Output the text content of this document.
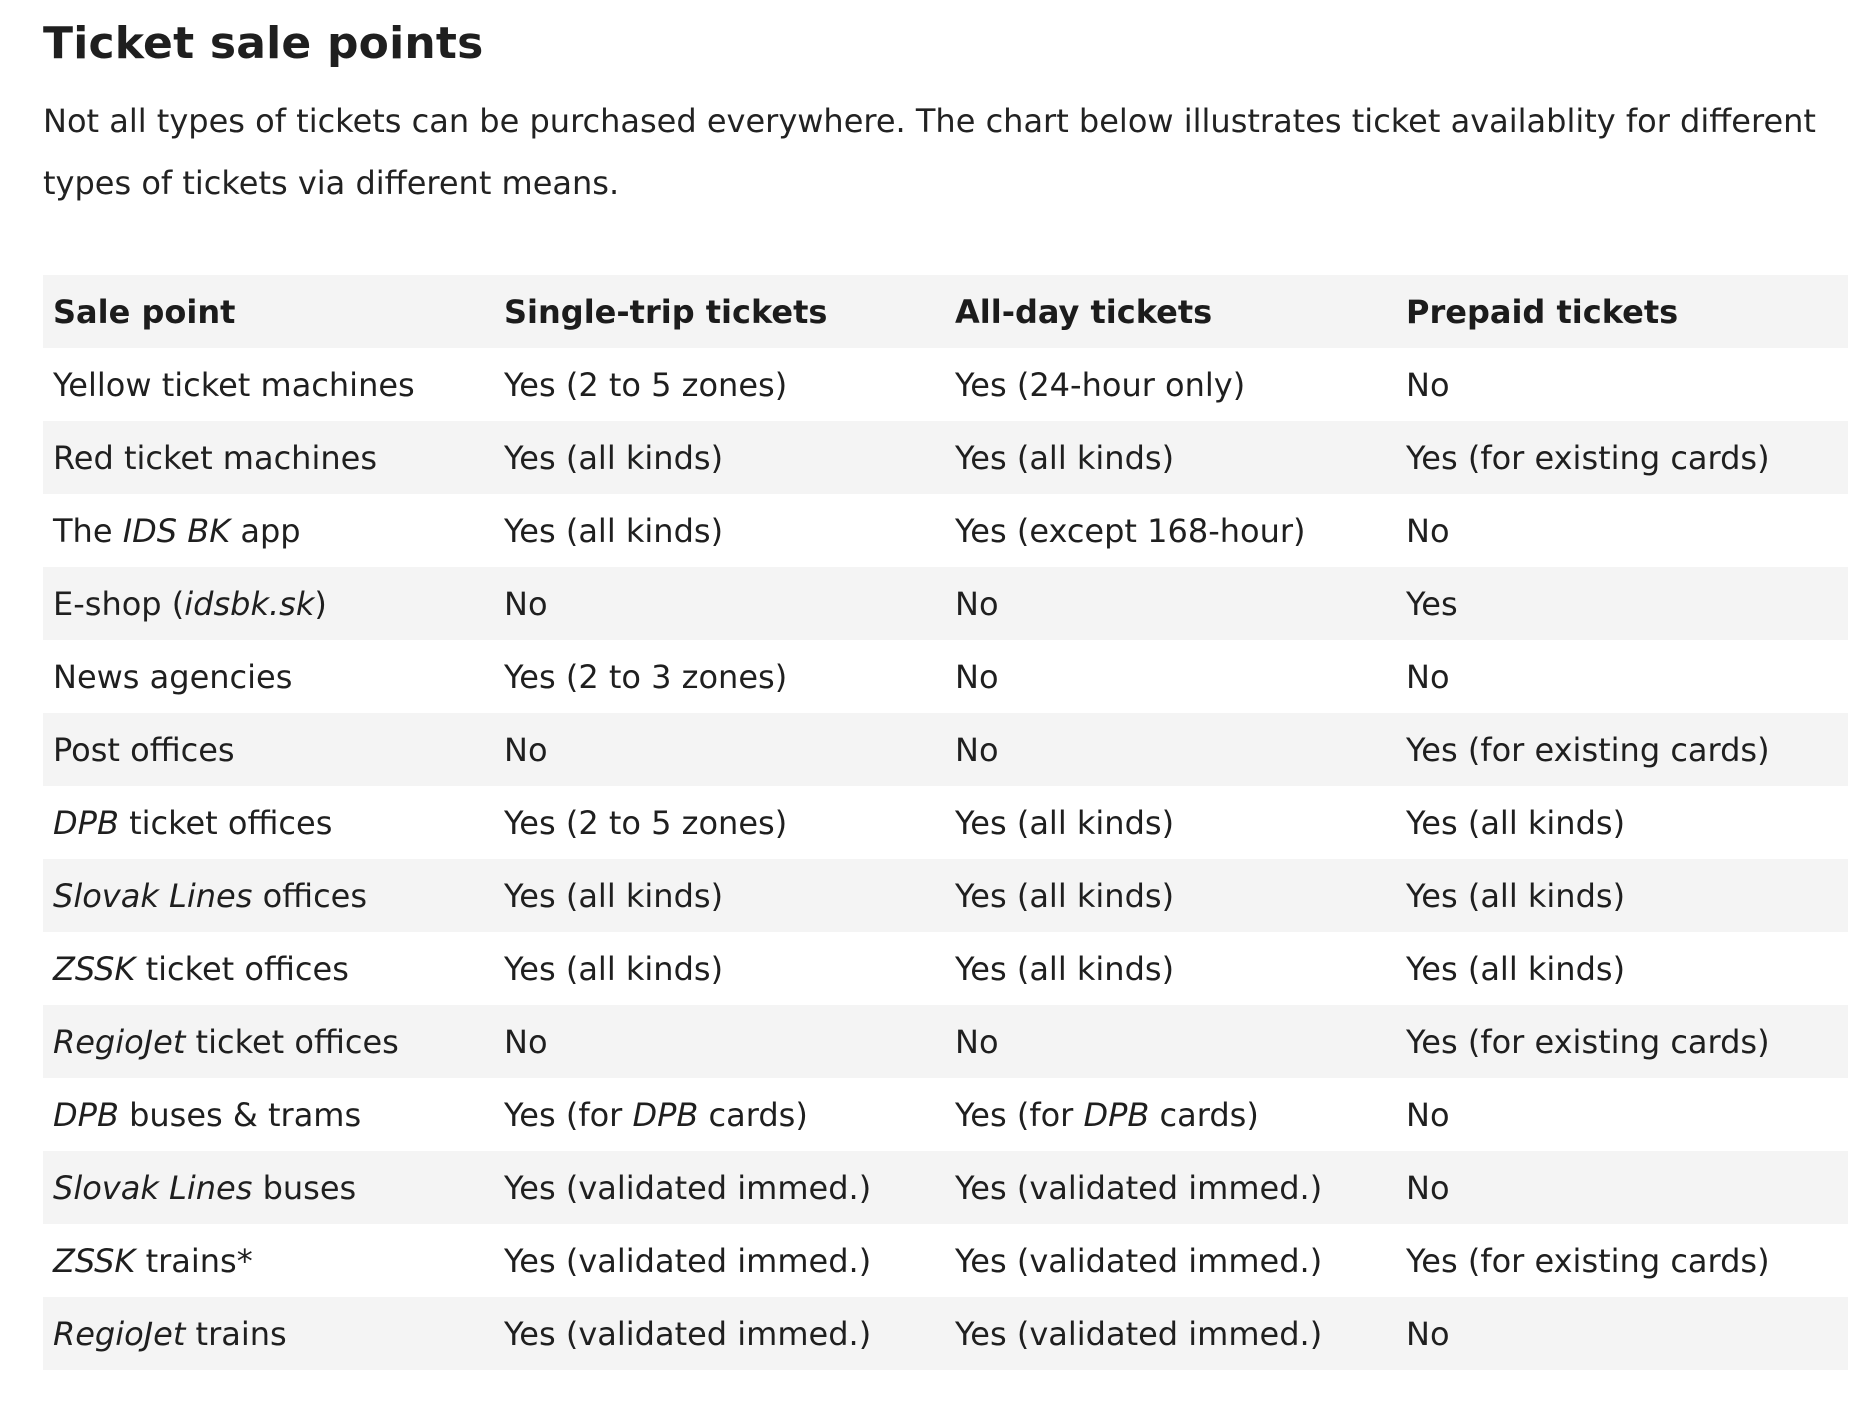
Ticket sale points

Not all types of tickets can be purchased everywhere. The chart below illustrates ticket availablity for different types of tickets via different means.

Sale point	Single-trip tickets	All-day tickets	Prepaid tickets
Yellow ticket machines	Yes (2 to 5 zones)	Yes (24-hour only)	No
Red ticket machines	Yes (all kinds)	Yes (all kinds)	Yes (for existing cards)
The IDS BK app	Yes (all kinds)	Yes (except 168-hour)	No
E-shop (idsbk.sk)	No	No	Yes
News agencies	Yes (2 to 3 zones)	No	No
Post offices	No	No	Yes (for existing cards)
DPB ticket offices	Yes (2 to 5 zones)	Yes (all kinds)	Yes (all kinds)
Slovak Lines offices	Yes (all kinds)	Yes (all kinds)	Yes (all kinds)
ZSSK ticket offices	Yes (all kinds)	Yes (all kinds)	Yes (all kinds)
RegioJet ticket offices	No	No	Yes (for existing cards)
DPB buses & trams	Yes (for DPB cards)	Yes (for DPB cards)	No
Slovak Lines buses	Yes (validated immed.)	Yes (validated immed.)	No
ZSSK trains*	Yes (validated immed.)	Yes (validated immed.)	Yes (for existing cards)
RegioJet trains	Yes (validated immed.)	Yes (validated immed.)	No
